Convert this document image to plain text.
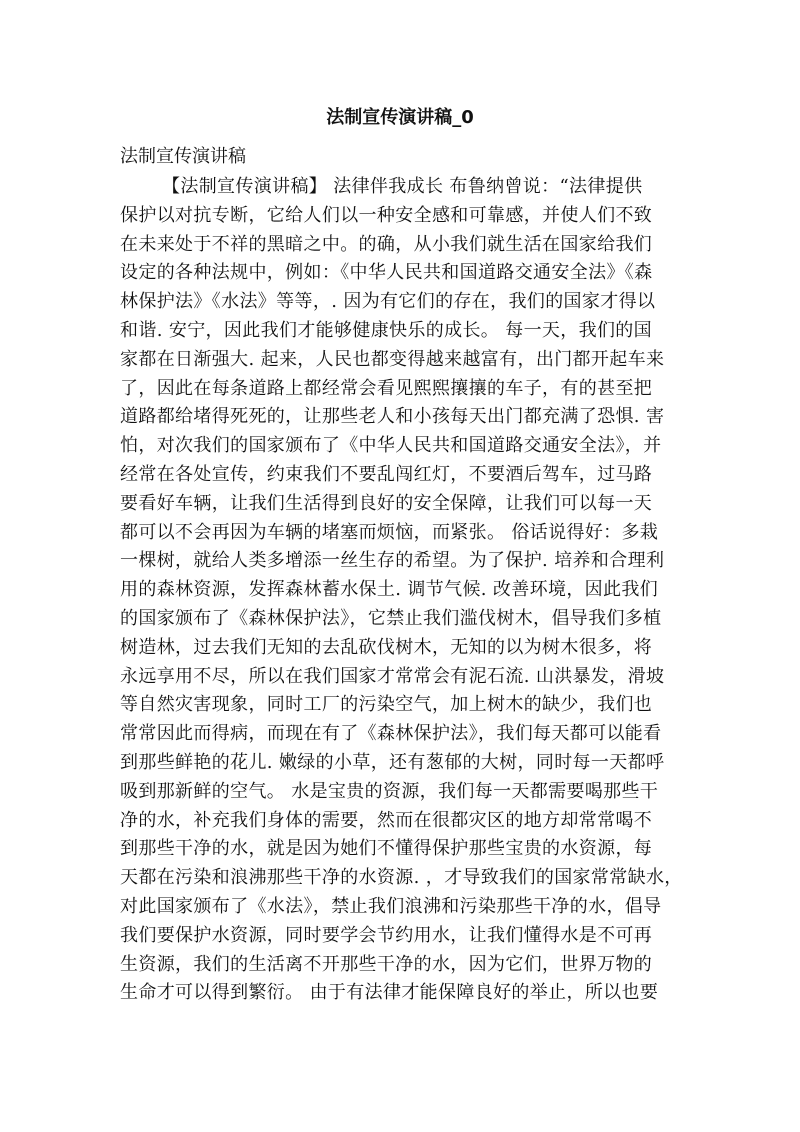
法制宣传演讲稿_0
法制宣传演讲稿
【法制宣传演讲稿】 法律伴我成长 布鲁纳曾说：“法律提供
保护以对抗专断，它给人们以一种安全感和可靠感，并使人们不致
在未来处于不祥的黑暗之中。的确，从小我们就生活在国家给我们
设定的各种法规中，例如：《中华人民共和国道路交通安全法》《森
林保护法》《水法》等等，. 因为有它们的存在，我们的国家才得以
和谐. 安宁，因此我们才能够健康快乐的成长。 每一天，我们的国
家都在日渐强大. 起来，人民也都变得越来越富有，出门都开起车来
了，因此在每条道路上都经常会看见熙熙攘攘的车子，有的甚至把
道路都给堵得死死的，让那些老人和小孩每天出门都充满了恐惧. 害
怕，对次我们的国家颁布了《中华人民共和国道路交通安全法》，并
经常在各处宣传，约束我们不要乱闯红灯，不要酒后驾车，过马路
要看好车辆，让我们生活得到良好的安全保障，让我们可以每一天
都可以不会再因为车辆的堵塞而烦恼，而紧张。 俗话说得好：多栽
一棵树，就给人类多增添一丝生存的希望。为了保护. 培养和合理利
用的森林资源，发挥森林蓄水保土. 调节气候. 改善环境，因此我们
的国家颁布了《森林保护法》，它禁止我们滥伐树木，倡导我们多植
树造林，过去我们无知的去乱砍伐树木，无知的以为树木很多，将
永远享用不尽，所以在我们国家才常常会有泥石流. 山洪暴发，滑坡
等自然灾害现象，同时工厂的污染空气，加上树木的缺少，我们也
常常因此而得病，而现在有了《森林保护法》，我们每天都可以能看
到那些鲜艳的花儿. 嫩绿的小草，还有葱郁的大树，同时每一天都呼
吸到那新鲜的空气。 水是宝贵的资源，我们每一天都需要喝那些干
净的水，补充我们身体的需要，然而在很都灾区的地方却常常喝不
到那些干净的水，就是因为她们不懂得保护那些宝贵的水资源，每
天都在污染和浪沸那些干净的水资源. ，才导致我们的国家常常缺水，
对此国家颁布了《水法》，禁止我们浪沸和污染那些干净的水，倡导
我们要保护水资源，同时要学会节约用水，让我们懂得水是不可再
生资源，我们的生活离不开那些干净的水，因为它们，世界万物的
生命才可以得到繁衍。 由于有法律才能保障良好的举止，所以也要
